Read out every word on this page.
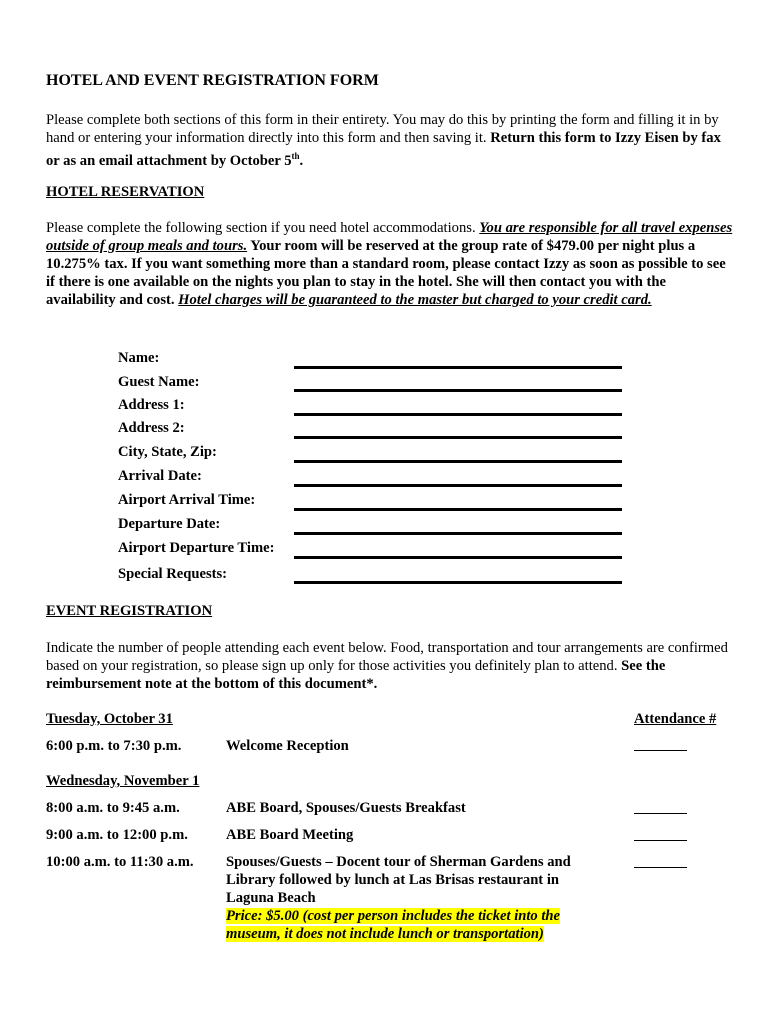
HOTEL AND EVENT REGISTRATION FORM
Please complete both sections of this form in their entirety. You may do this by printing the form and filling it in by hand or entering your information directly into this form and then saving it. Return this form to Izzy Eisen by fax or as an email attachment by October 5th.
HOTEL RESERVATION
Please complete the following section if you need hotel accommodations. You are responsible for all travel expenses outside of group meals and tours. Your room will be reserved at the group rate of $479.00 per night plus a 10.275% tax. If you want something more than a standard room, please contact Izzy as soon as possible to see if there is one available on the nights you plan to stay in the hotel. She will then contact you with the availability and cost. Hotel charges will be guaranteed to the master but charged to your credit card.
Name:
Guest Name:
Address 1:
Address 2:
City, State, Zip:
Arrival Date:
Airport Arrival Time:
Departure Date:
Airport Departure Time:
Special Requests:
EVENT REGISTRATION
Indicate the number of people attending each event below. Food, transportation and tour arrangements are confirmed based on your registration, so please sign up only for those activities you definitely plan to attend. See the reimbursement note at the bottom of this document*.
Tuesday, October 31	Attendance #
6:00 p.m. to 7:30 p.m.	Welcome Reception
Wednesday, November 1
8:00 a.m. to 9:45 a.m.	ABE Board, Spouses/Guests Breakfast
9:00 a.m. to 12:00 p.m.	ABE Board Meeting
10:00 a.m. to 11:30 a.m. Spouses/Guests – Docent tour of Sherman Gardens and Library followed by lunch at Las Brisas restaurant in Laguna Beach
Price: $5.00 (cost per person includes the ticket into the museum, it does not include lunch or transportation)
